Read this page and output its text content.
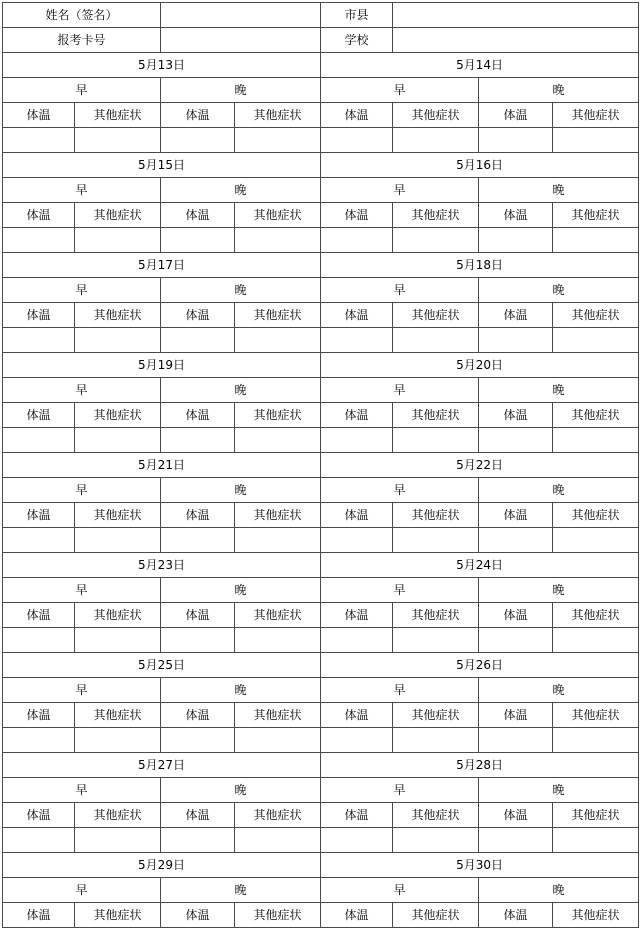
姓名（签名）				市县			
报考卡号				学校			
5月13日				5月14日			
早		晚		早		晚	
体温	其他症状	体温	其他症状	体温	其他症状	体温	其他症状

5月15日				5月16日			
早		晚		早		晚	
体温	其他症状	体温	其他症状	体温	其他症状	体温	其他症状

5月17日				5月18日			
早		晚		早		晚	
体温	其他症状	体温	其他症状	体温	其他症状	体温	其他症状

5月19日				5月20日			
早		晚		早		晚	
体温	其他症状	体温	其他症状	体温	其他症状	体温	其他症状

5月21日				5月22日			
早		晚		早		晚	
体温	其他症状	体温	其他症状	体温	其他症状	体温	其他症状

5月23日				5月24日			
早		晚		早		晚	
体温	其他症状	体温	其他症状	体温	其他症状	体温	其他症状

5月25日				5月26日			
早		晚		早		晚	
体温	其他症状	体温	其他症状	体温	其他症状	体温	其他症状

5月27日				5月28日			
早		晚		早		晚	
体温	其他症状	体温	其他症状	体温	其他症状	体温	其他症状

5月29日				5月30日			
早		晚		早		晚	
体温	其他症状	体温	其他症状	体温	其他症状	体温	其他症状
